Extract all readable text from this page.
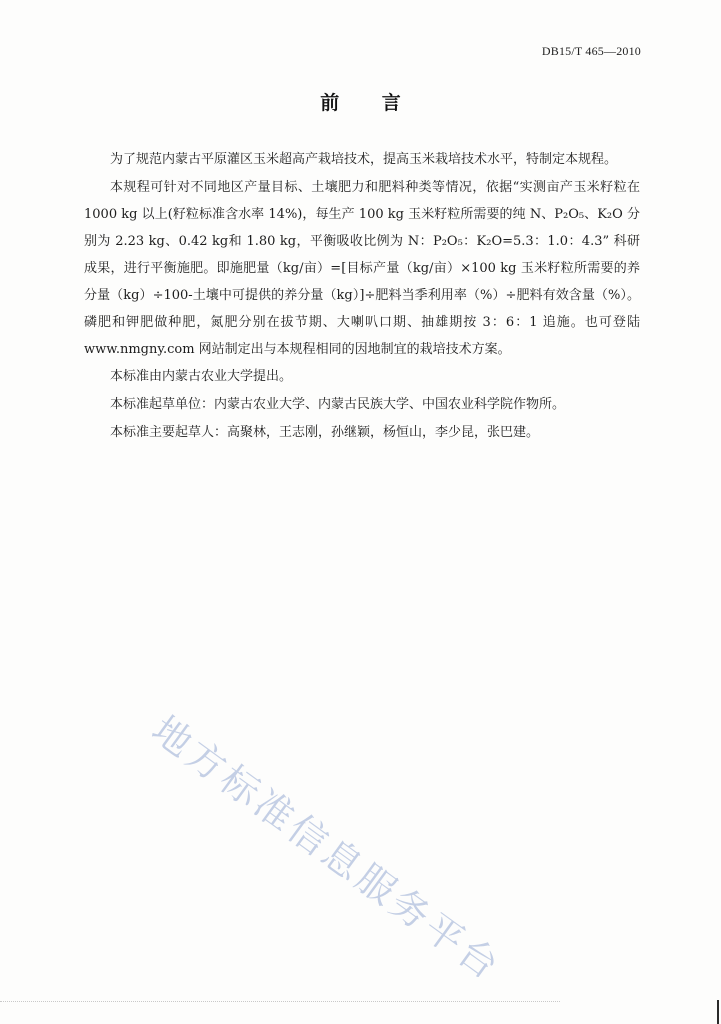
DB15/T 465—2010
前 言

为了规范内蒙古平原灌区玉米超高产栽培技术，提高玉米栽培技术水平，特制定本规程。

本规程可针对不同地区产量目标、土壤肥力和肥料种类等情况，依据“实测亩产玉米籽粒在 1000 kg 以上(籽粒标准含水率 14%)，每生产 100 kg 玉米籽粒所需要的纯 N、P₂O₅、K₂O 分别为 2.23 kg、0.42 kg和 1.80 kg，平衡吸收比例为 N：P₂O₅：K₂O=5.3：1.0：4.3” 科研成果，进行平衡施肥。即施肥量（kg/亩）=[目标产量（kg/亩）×100 kg 玉米籽粒所需要的养分量（kg）÷100-土壤中可提供的养分量（kg）]÷肥料当季利用率（%）÷肥料有效含量（%）。磷肥和钾肥做种肥，氮肥分别在拔节期、大喇叭口期、抽雄期按 3：6：1 追施。也可登陆 www.nmgny.com 网站制定出与本规程相同的因地制宜的栽培技术方案。

本标准由内蒙古农业大学提出。

本标准起草单位：内蒙古农业大学、内蒙古民族大学、中国农业科学院作物所。

本标准主要起草人：高聚林，王志刚，孙继颖，杨恒山，李少昆，张巴建。

地方标准信息服务平台
